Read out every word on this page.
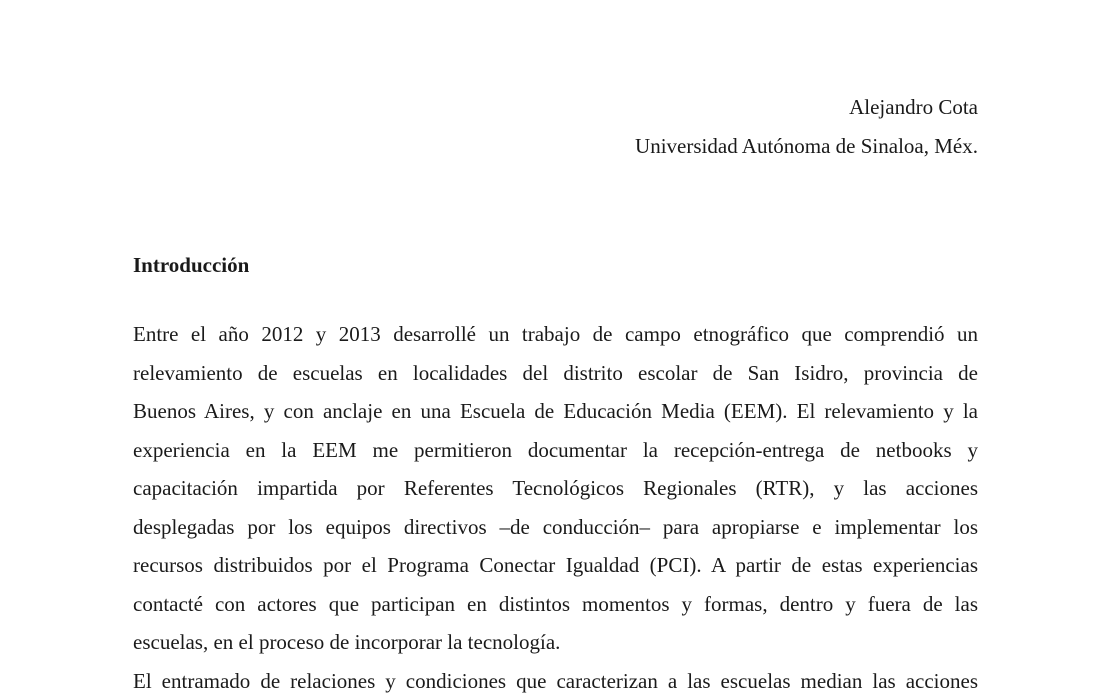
Alejandro Cota
Universidad Autónoma de Sinaloa, Méx.
Introducción
Entre el año 2012 y 2013 desarrollé un trabajo de campo etnográfico que comprendió un
relevamiento de escuelas en localidades del distrito escolar de San Isidro, provincia de
Buenos Aires, y con anclaje en una Escuela de Educación Media (EEM). El relevamiento y la
experiencia en la EEM me permitieron documentar la recepción-entrega de netbooks y
capacitación impartida por Referentes Tecnológicos Regionales (RTR), y las acciones
desplegadas por los equipos directivos –de conducción– para apropiarse e implementar los
recursos distribuidos por el Programa Conectar Igualdad (PCI). A partir de estas experiencias
contacté con actores que participan en distintos momentos y formas, dentro y fuera de las
escuelas, en el proceso de incorporar la tecnología.
El entramado de relaciones y condiciones que caracterizan a las escuelas median las acciones
